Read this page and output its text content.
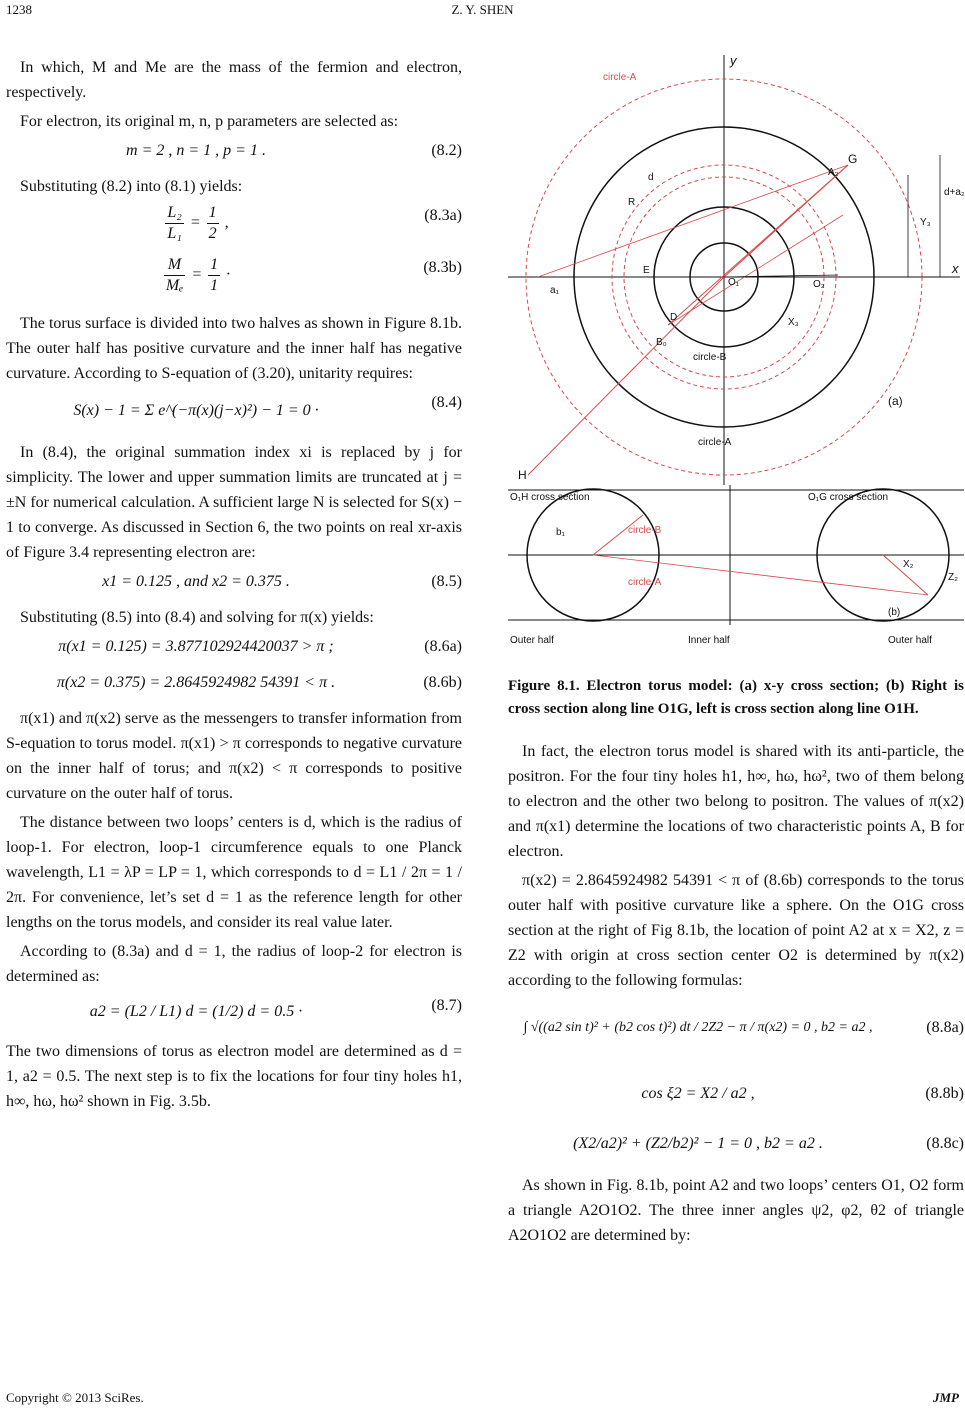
1238	Z. Y. SHEN

In which, M and Me are the mass of the fermion and electron, respectively.

For electron, its original m, n, p parameters are selected as:

m = 2 , n = 1 , p = 1 .	(8.2)

Substituting (8.2) into (8.1) yields:

$\frac{\text{L₂}}{\text{L₁}} = \frac{1}{2}$ ,	(8.3a)
$\frac{M}{\text{Mₑ}} = \frac{1}{1}$ ·	(8.3b)

The torus surface is divided into two halves as shown in Figure 8.1b. The outer half has positive curvature and the inner half has negative curvature. According to S-equation of (3.20), unitarity requires:

S(x) − 1 = Σ e^(−π(x)(j−x)²) − 1 = 0 ·	(8.4)

In (8.4), the original summation index xi is replaced by j for simplicity. The lower and upper summation limits are truncated at j = ±N for numerical calculation. A sufficient large N is selected for S(x) − 1 to converge. As discussed in Section 6, the two points on real xr-axis of Figure 3.4 representing electron are:

x1 = 0.125 , and x2 = 0.375 .	(8.5)

Substituting (8.5) into (8.4) and solving for π(x) yields:

π(x1 = 0.125) = 3.877102924420037 > π ;	(8.6a)
π(x2 = 0.375) = 2.8645924982 54391 < π .	(8.6b)

π(x1) and π(x2) serve as the messengers to transfer information from S-equation to torus model. π(x1) > π corresponds to negative curvature on the inner half of torus; and π(x2) < π corresponds to positive curvature on the outer half of torus.

The distance between two loops’ centers is d, which is the radius of loop-1. For electron, loop-1 circumference equals to one Planck wavelength, L1 = λP = LP = 1, which corresponds to d = L1 / 2π = 1 / 2π. For convenience, let’s set d = 1 as the reference length for other lengths on the torus models, and consider its real value later.

According to (8.3a) and d = 1, the radius of loop-2 for electron is determined as:

a2 = (L2 / L1) d = (1/2) d = 0.5 ·	(8.7)

The two dimensions of torus as electron model are determined as d = 1, a2 = 0.5. The next step is to fix the locations for four tiny holes h1, h∞, hω, hω² shown in Fig. 3.5b.

y
x
circle-A
circle-B
circle-A
G
H
R
d
O₁	O₂
A₂
B₀
D
E
Y₃
X₃
d+a₂
a₁
(a)
O₁H cross section	O₁G cross section
circle-B
circle-A
Outer half	Inner half	Outer half
(b)
b₁
Z₂
X₂
Figure 8.1. Electron torus model: (a) x-y cross section; (b) Right is cross section along line O1G, left is cross section along line O1H.

In fact, the electron torus model is shared with its anti-particle, the positron. For the four tiny holes h1, h∞, hω, hω², two of them belong to electron and the other two belong to positron. The values of π(x2) and π(x1) determine the locations of two characteristic points A, B for electron.

π(x2) = 2.8645924982 54391 < π of (8.6b) corresponds to the torus outer half with positive curvature like a sphere. On the O1G cross section at the right of Fig 8.1b, the location of point A2 at x = X2, z = Z2 with origin at cross section center O2 is determined by π(x2) according to the following formulas:

∫ √((a2 sin t)² + (b2 cos t)²) dt / 2Z2 − π / π(x2) = 0 , b2 = a2 ,	(8.8a)
cos ξ2 = X2 / a2 ,	(8.8b)
(X2/a2)² + (Z2/b2)² − 1 = 0 , b2 = a2 .	(8.8c)

As shown in Fig. 8.1b, point A2 and two loops’ centers O1, O2 form a triangle A2O1O2. The three inner angles ψ2, φ2, θ2 of triangle A2O1O2 are determined by:

Copyright © 2013 SciRes.	JMP
